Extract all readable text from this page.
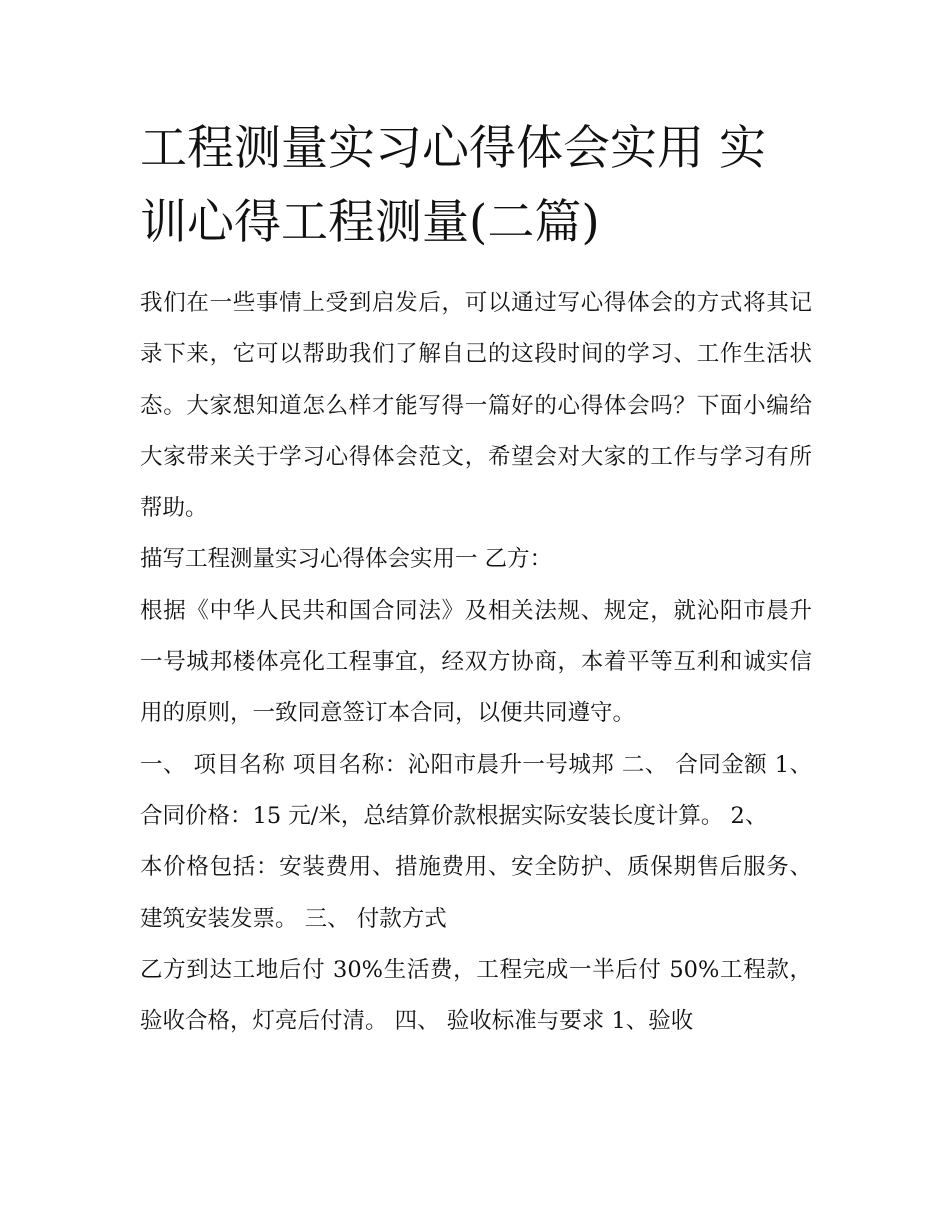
工程测量实习心得体会实用 实训心得工程测量(二篇)

我们在一些事情上受到启发后，可以通过写心得体会的方式将其记录下来，它可以帮助我们了解自己的这段时间的学习、工作生活状态。大家想知道怎么样才能写得一篇好的心得体会吗？下面小编给大家带来关于学习心得体会范文，希望会对大家的工作与学习有所帮助。

描写工程测量实习心得体会实用一 乙方：

根据《中华人民共和国合同法》及相关法规、规定，就沁阳市晨升一号城邦楼体亮化工程事宜，经双方协商，本着平等互利和诚实信用的原则，一致同意签订本合同，以便共同遵守。

一、 项目名称 项目名称：沁阳市晨升一号城邦 二、 合同金额 1、 合同价格：15 元/米，总结算价款根据实际安装长度计算。 2、

本价格包括：安装费用、措施费用、安全防护、质保期售后服务、建筑安装发票。 三、 付款方式

乙方到达工地后付 30%生活费，工程完成一半后付 50%工程款，验收合格，灯亮后付清。 四、 验收标准与要求 1、验收
